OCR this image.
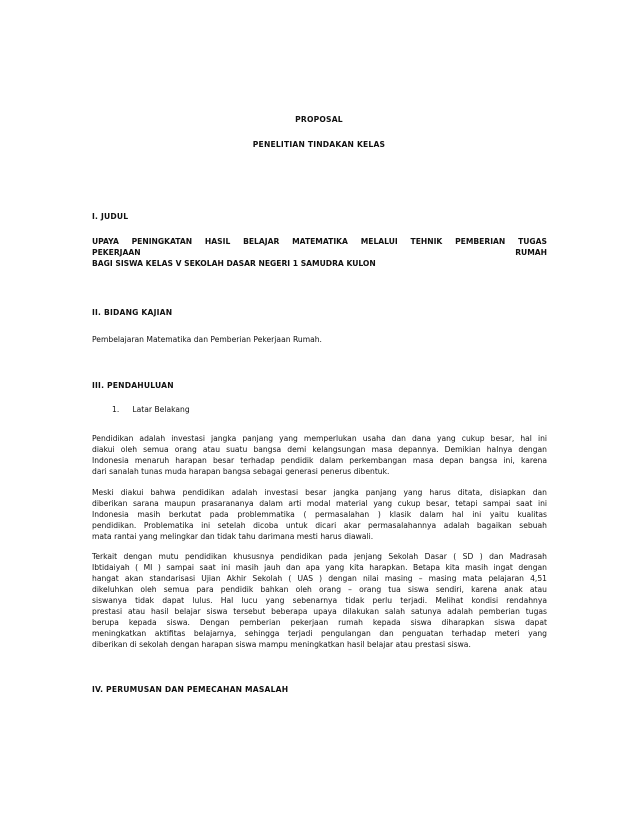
PROPOSAL
PENELITIAN TINDAKAN KELAS
I. JUDUL
UPAYA PENINGKATAN HASIL BELAJAR MATEMATIKA MELALUI TEHNIK PEMBERIAN TUGAS
PEKERJAAN	RUMAH
BAGI SISWA KELAS V SEKOLAH DASAR NEGERI 1 SAMUDRA KULON
II. BIDANG KAJIAN
Pembelajaran Matematika dan Pemberian Pekerjaan Rumah.
III. PENDAHULUAN
1. Latar Belakang
Pendidikan adalah investasi jangka panjang yang memperlukan usaha dan dana yang cukup besar, hal ini
diakui oleh semua orang atau suatu bangsa demi kelangsungan masa depannya. Demikian halnya dengan
Indonesia menaruh harapan besar terhadap pendidik dalam perkembangan masa depan bangsa ini, karena
dari sanalah tunas muda harapan bangsa sebagai generasi penerus dibentuk.
Meski diakui bahwa pendidikan adalah investasi besar jangka panjang yang harus ditata, disiapkan dan
diberikan sarana maupun prasarananya dalam arti modal material yang cukup besar, tetapi sampai saat ini
Indonesia masih berkutat pada problemmatika ( permasalahan ) klasik dalam hal ini yaitu kualitas
pendidikan. Problematika ini setelah dicoba untuk dicari akar permasalahannya adalah bagaikan sebuah
mata rantai yang melingkar dan tidak tahu darimana mesti harus diawali.
Terkait dengan mutu pendidikan khususnya pendidikan pada jenjang Sekolah Dasar ( SD ) dan Madrasah
Ibtidaiyah ( MI ) sampai saat ini masih jauh dan apa yang kita harapkan. Betapa kita masih ingat dengan
hangat akan standarisasi Ujian Akhir Sekolah ( UAS ) dengan nilai masing – masing mata pelajaran 4,51
dikeluhkan oleh semua para pendidik bahkan oleh orang – orang tua siswa sendiri, karena anak atau
siswanya tidak dapat lulus. Hal lucu yang sebenarnya tidak perlu terjadi. Melihat kondisi rendahnya
prestasi atau hasil belajar siswa tersebut beberapa upaya dilakukan salah satunya adalah pemberian tugas
berupa kepada siswa. Dengan pemberian pekerjaan rumah kepada siswa diharapkan siswa dapat
meningkatkan aktifitas belajarnya, sehingga terjadi pengulangan dan penguatan terhadap meteri yang
diberikan di sekolah dengan harapan siswa mampu meningkatkan hasil belajar atau prestasi siswa.
IV. PERUMUSAN DAN PEMECAHAN MASALAH
